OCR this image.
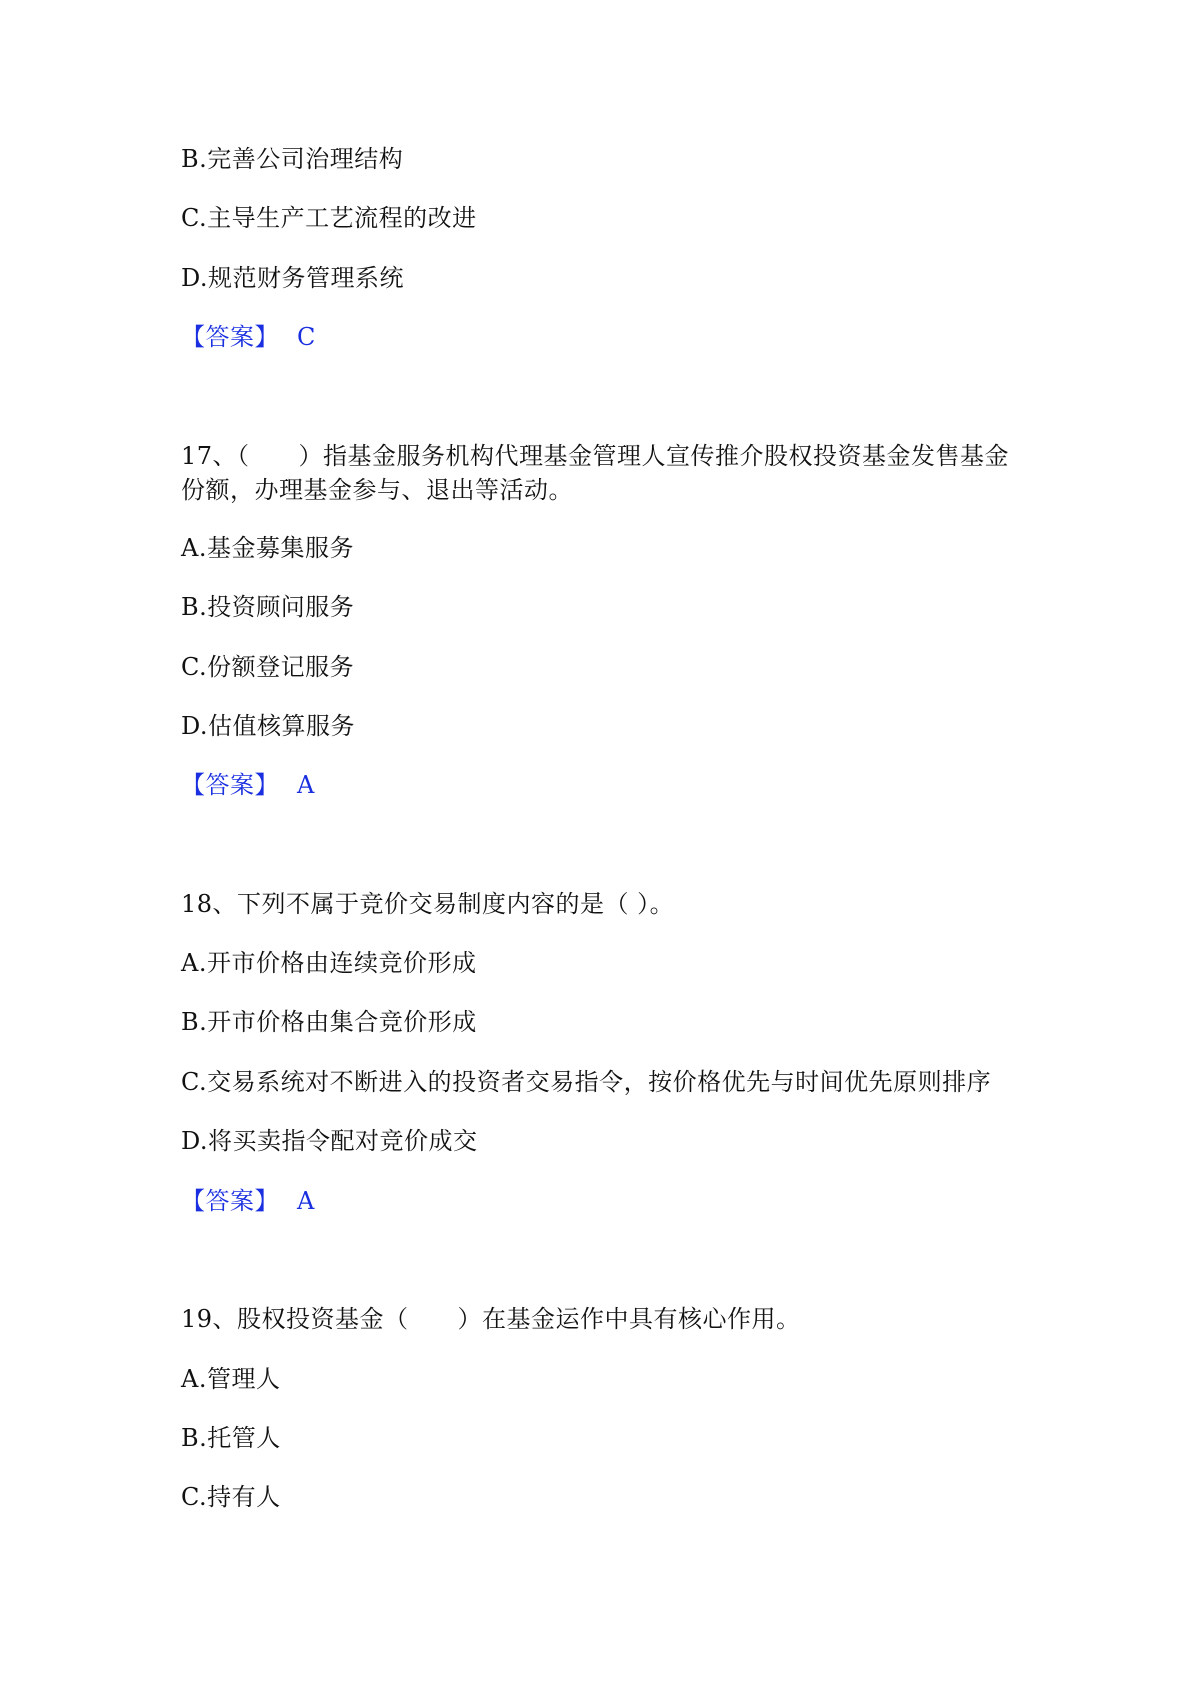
B.完善公司治理结构
C.主导生产工艺流程的改进
D.规范财务管理系统
【答案】 C
17、（　　）指基金服务机构代理基金管理人宣传推介股权投资基金发售基金
份额，办理基金参与、退出等活动。
A.基金募集服务
B.投资顾问服务
C.份额登记服务
D.估值核算服务
【答案】 A
18、下列不属于竞价交易制度内容的是（ ）。
A.开市价格由连续竞价形成
B.开市价格由集合竞价形成
C.交易系统对不断进入的投资者交易指令，按价格优先与时间优先原则排序
D.将买卖指令配对竞价成交
【答案】 A
19、股权投资基金（　　）在基金运作中具有核心作用。
A.管理人
B.托管人
C.持有人
